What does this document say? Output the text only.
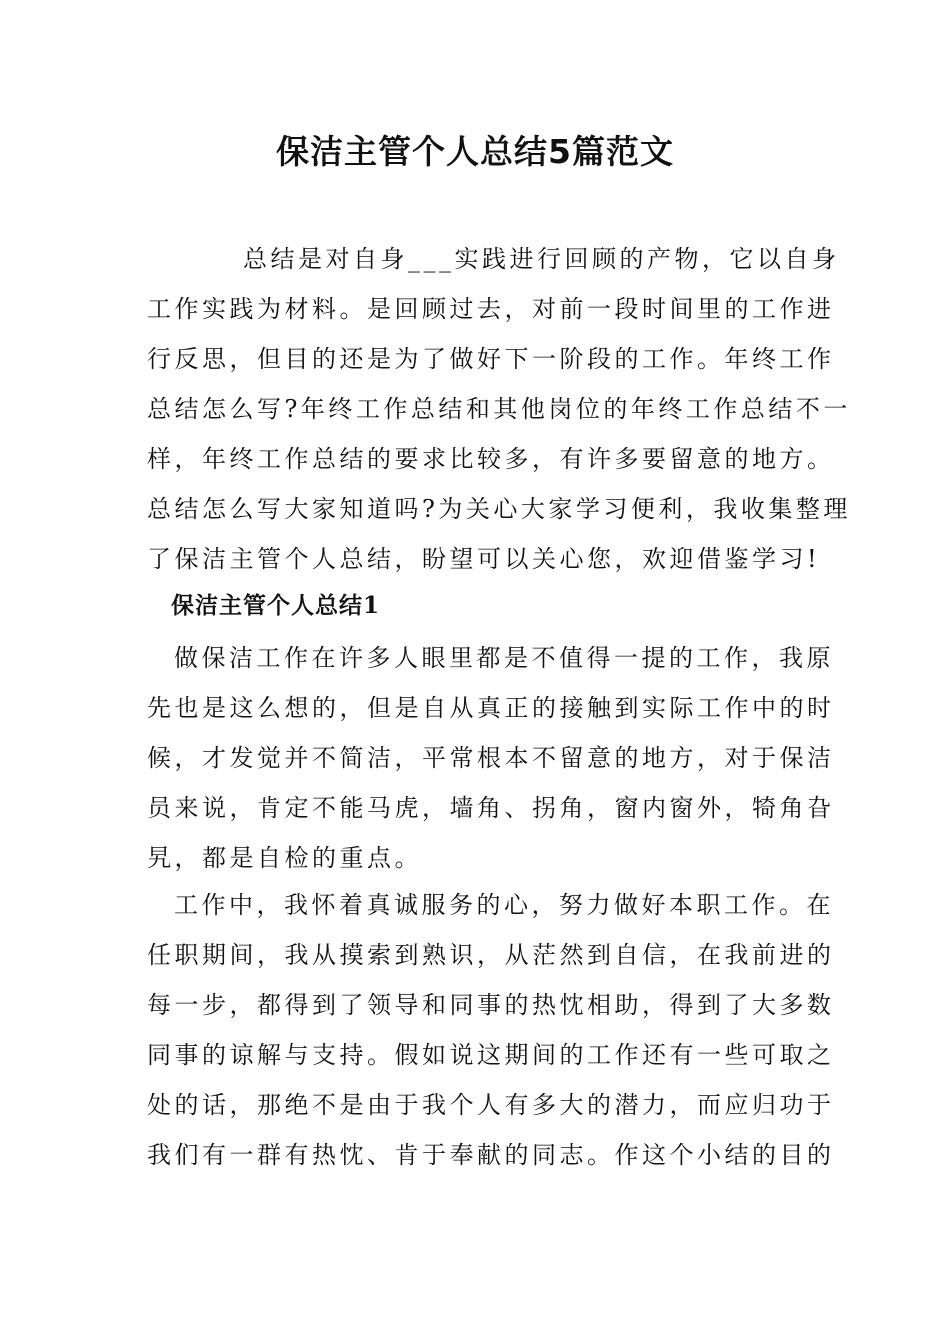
保洁主管个人总结5篇范文
总结是对自身___实践进行回顾的产物，它以自身
工作实践为材料。是回顾过去，对前一段时间里的工作进
行反思，但目的还是为了做好下一阶段的工作。年终工作
总结怎么写?年终工作总结和其他岗位的年终工作总结不一
样，年终工作总结的要求比较多，有许多要留意的地方。
总结怎么写大家知道吗?为关心大家学习便利，我收集整理
了保洁主管个人总结，盼望可以关心您，欢迎借鉴学习!
保洁主管个人总结1
做保洁工作在许多人眼里都是不值得一提的工作，我原
先也是这么想的，但是自从真正的接触到实际工作中的时
候，才发觉并不简洁，平常根本不留意的地方，对于保洁
员来说，肯定不能马虎，墙角、拐角，窗内窗外，犄角旮
旯，都是自检的重点。
工作中，我怀着真诚服务的心，努力做好本职工作。在
任职期间，我从摸索到熟识，从茫然到自信，在我前进的
每一步，都得到了领导和同事的热忱相助，得到了大多数
同事的谅解与支持。假如说这期间的工作还有一些可取之
处的话，那绝不是由于我个人有多大的潜力，而应归功于
我们有一群有热忱、肯于奉献的同志。作这个小结的目的
